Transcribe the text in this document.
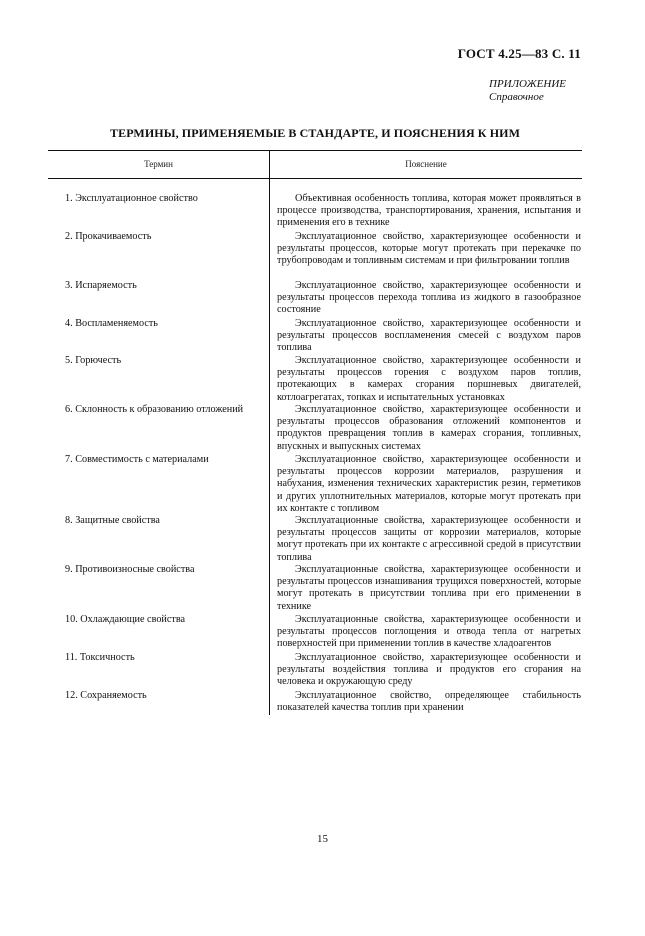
ГОСТ 4.25—83 С. 11
ПРИЛОЖЕНИЕ
Справочное
ТЕРМИНЫ, ПРИМЕНЯЕМЫЕ В СТАНДАРТЕ, И ПОЯСНЕНИЯ К НИМ
Термин	Пояснение
1. Эксплуатационное свойство	Объективная особенность топлива, которая может проявляться в процессе производства, транспортирования, хранения, испытания и применения его в технике
2. Прокачиваемость	Эксплуатационное свойство, характеризующее особенности и результаты процессов, которые могут протекать при перекачке по трубопроводам и топливным системам и при фильтровании топлив
3. Испаряемость	Эксплуатационное свойство, характеризующее особенности и результаты процессов перехода топлива из жидкого в газообразное состояние
4. Воспламеняемость	Эксплуатационное свойство, характеризующее особенности и результаты процессов воспламенения смесей с воздухом паров топлива
5. Горючесть	Эксплуатационное свойство, характеризующее особенности и результаты процессов горения с воздухом паров топлив, протекающих в камерах сгорания поршневых двигателей, котлоагрегатах, топках и испытательных установках
6. Склонность к образованию отложений	Эксплуатационное свойство, характеризующее особенности и результаты процессов образования отложений компонентов и продуктов превращения топлив в камерах сгорания, топливных, впускных и выпускных системах
7. Совместимость с материалами	Эксплуатационное свойство, характеризующее особенности и результаты процессов коррозии материалов, разрушения и набухания, изменения технических характеристик резин, герметиков и других уплотнительных материалов, которые могут протекать при их контакте с топливом
8. Защитные свойства	Эксплуатационные свойства, характеризующее особенности и результаты процессов защиты от коррозии материалов, которые могут протекать при их контакте с агрессивной средой в присутствии топлива
9. Противоизносные свойства	Эксплуатационные свойства, характеризующее особенности и результаты процессов изнашивания трущихся поверхностей, которые могут протекать в присутствии топлива при его применении в технике
10. Охлаждающие свойства	Эксплуатационные свойства, характеризующее особенности и результаты процессов поглощения и отвода тепла от нагретых поверхностей при применении топлив в качестве хладоагентов
11. Токсичность	Эксплуатационное свойство, характеризующее особенности и результаты воздействия топлива и продуктов его сгорания на человека и окружающую среду
12. Сохраняемость	Эксплуатационное свойство, определяющее стабильность показателей качества топлив при хранении
15
